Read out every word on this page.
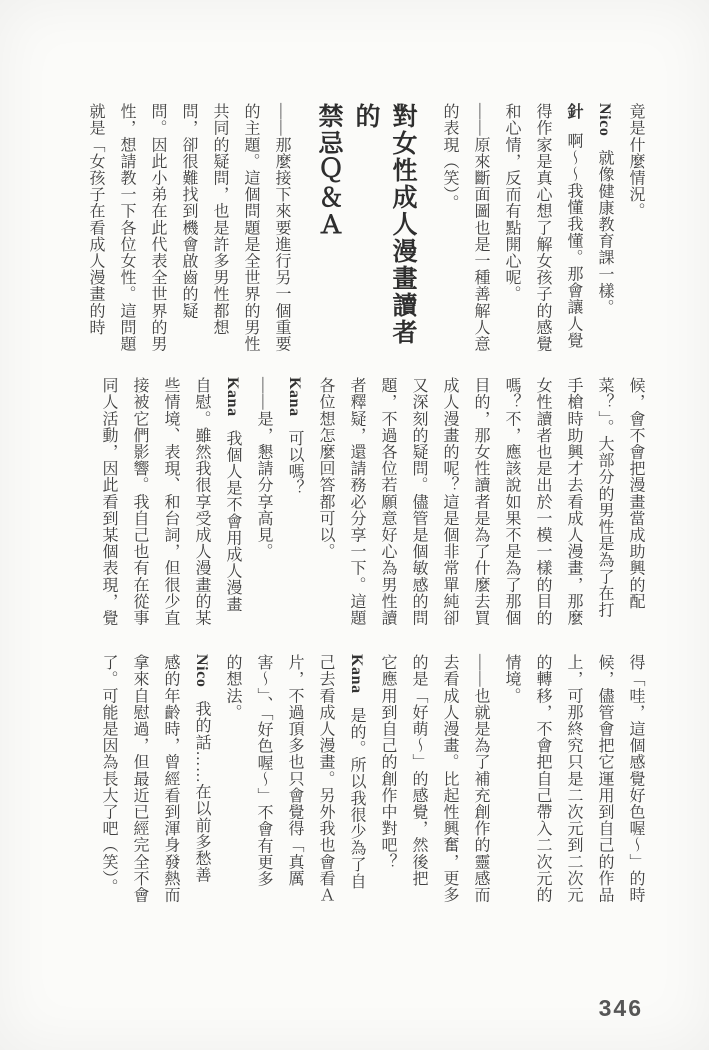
竟是什麼情況。
Nico就像健康教育課一樣。
針啊～～我懂我懂。那會讓人覺
得作家是真心想了解女孩子的感覺
和心情，反而有點開心呢。
——原來斷面圖也是一種善解人意
的表現（笑）。
對女性成人漫畫讀者的
禁忌Ｑ＆Ａ
——那麼接下來要進行另一個重要
的主題。這個問題是全世界的男性
共同的疑問，也是許多男性都想
問，卻很難找到機會啟齒的疑
問。因此小弟在此代表全世界的男
性，想請教一下各位女性。這問題
就是「女孩子在看成人漫畫的時
候，會不會把漫畫當成助興的配
菜？」。大部分的男性是為了在打
手槍時助興才去看成人漫畫，那麼
女性讀者也是出於一模一樣的目的
嗎？不，應該說如果不是為了那個
目的，那女性讀者是為了什麼去買
成人漫畫的呢？這是個非常單純卻
又深刻的疑問。儘管是個敏感的問
題，不過各位若願意好心為男性讀
者釋疑，還請務必分享一下。這題
各位想怎麼回答都可以。
Kana可以嗎？
——是，懇請分享高見。
Kana我個人是不會用成人漫畫
自慰。雖然我很享受成人漫畫的某
些情境、表現、和台詞，但很少直
接被它們影響。我自己也有在從事
同人活動，因此看到某個表現，覺
得「哇，這個感覺好色喔～」的時
候，儘管會把它運用到自己的作品
上，可那終究只是二次元到二次元
的轉移，不會把自己帶入二次元的
情境。
——也就是為了補充創作的靈感而
去看成人漫畫。比起性興奮，更多
的是「好萌～」的感覺，然後把
它應用到自己的創作中對吧？
Kana是的。所以我很少為了自
己去看成人漫畫。另外我也會看Ａ
片，不過頂多也只會覺得「真厲
害～」、「好色喔～」不會有更多
的想法。
Nico我的話……在以前多愁善
感的年齡時，曾經看到渾身發熱而
拿來自慰過，但最近已經完全不會
了。可能是因為長大了吧（笑）。
346
